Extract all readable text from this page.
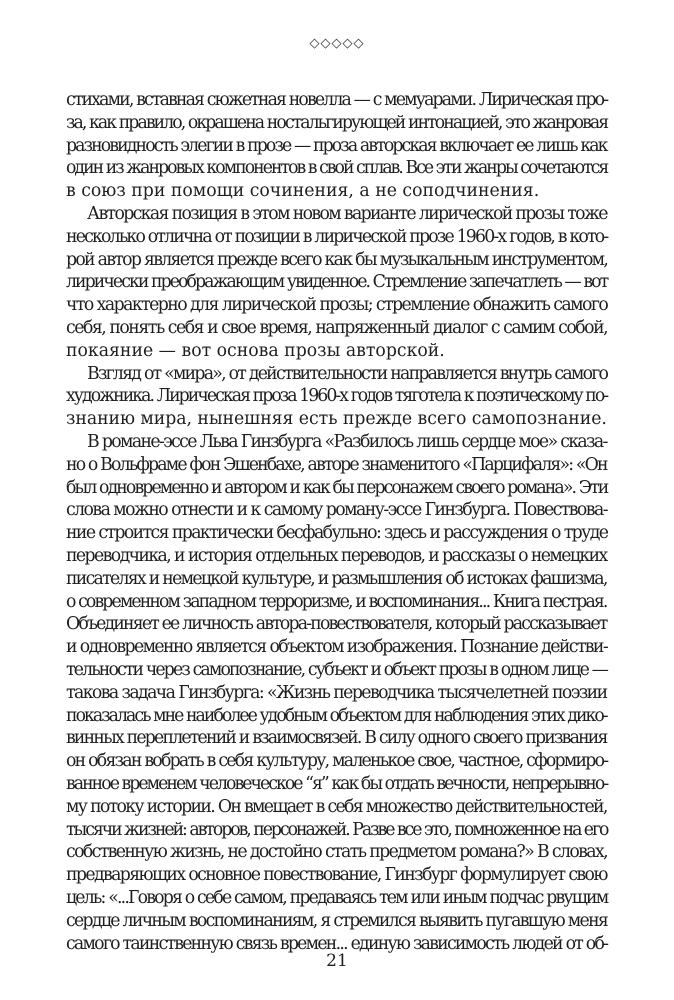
◇◇◇◇◇

стихами, вставная сюжетная новелла — с мемуарами. Лирическая про-

за, как правило, окрашена ностальгирующей интонацией, это жанровая

разновидность элегии в прозе — проза авторская включает ее лишь как

один из жанровых компонентов в свой сплав. Все эти жанры сочетаются

в союз при помощи сочинения, а не соподчинения.

Авторская позиция в этом новом варианте лирической прозы тоже

несколько отлична от позиции в лирической прозе 1960-х годов, в кото-

рой автор является прежде всего как бы музыкальным инструментом,

лирически преображающим увиденное. Стремление запечатлеть — вот

что характерно для лирической прозы; стремление обнажить самого

себя, понять себя и свое время, напряженный диалог с самим собой,

покаяние — вот основа прозы авторской.

Взгляд от «мира», от действительности направляется внутрь самого

художника. Лирическая проза 1960-х годов тяготела к поэтическому по-

знанию мира, нынешняя есть прежде всего самопознание.

В романе-эссе Льва Гинзбурга «Разбилось лишь сердце мое» сказа-

но о Вольфраме фон Эшенбахе, авторе знаменитого «Парцифаля»: «Он

был одновременно и автором и как бы персонажем своего романа». Эти

слова можно отнести и к самому роману-эссе Гинзбурга. Повествова-

ние строится практически бесфабульно: здесь и рассуждения о труде

переводчика, и история отдельных переводов, и рассказы о немецких

писателях и немецкой культуре, и размышления об истоках фашизма,

о современном западном терроризме, и воспоминания... Книга пестрая.

Объединяет ее личность автора-повествователя, который рассказывает

и одновременно является объектом изображения. Познание действи-

тельности через самопознание, субъект и объект прозы в одном лице —

такова задача Гинзбурга: «Жизнь переводчика тысячелетней поэзии

показалась мне наиболее удобным объектом для наблюдения этих дико-

винных переплетений и взаимосвязей. В силу одного своего призвания

он обязан вобрать в себя культуру, маленькое свое, частное, сформиро-

ванное временем человеческое “я” как бы отдать вечности, непрерывно-

му потоку истории. Он вмещает в себя множество действительностей,

тысячи жизней: авторов, персонажей. Разве все это, помноженное на его

собственную жизнь, не достойно стать предметом романа?» В словах,

предваряющих основное повествование, Гинзбург формулирует свою

цель: «...Говоря о себе самом, предаваясь тем или иным подчас рвущим

сердце личным воспоминаниям, я стремился выявить пугавшую меня

самого таинственную связь времен... единую зависимость людей от об-

21
